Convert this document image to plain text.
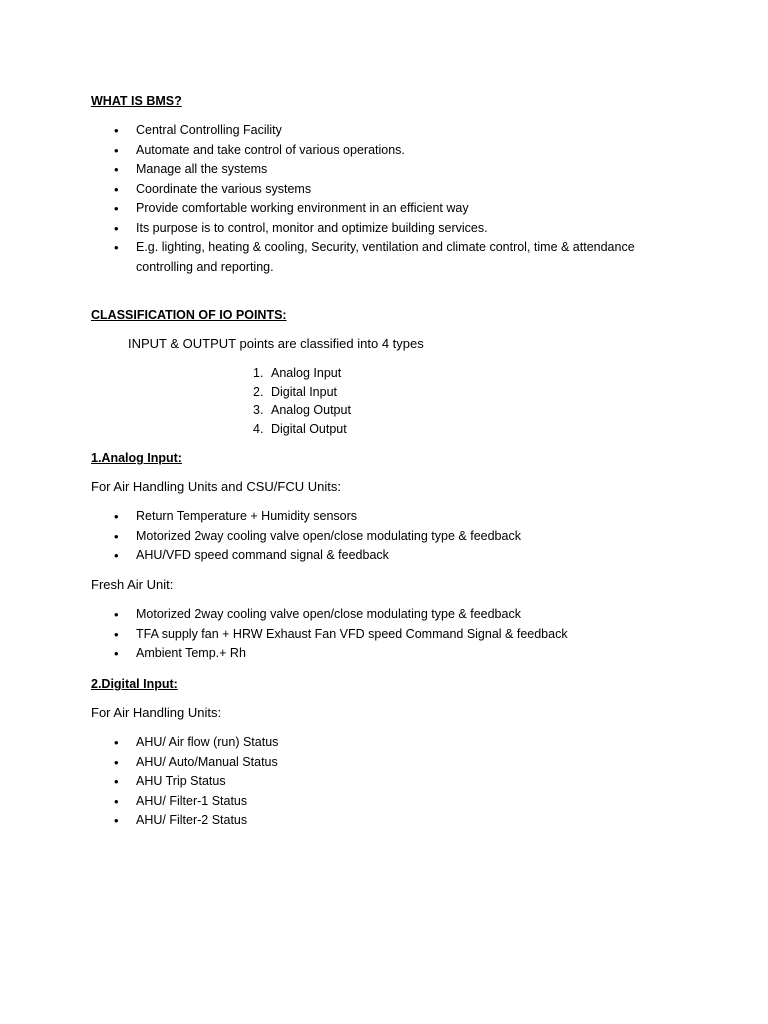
WHAT IS BMS?
• Central Controlling Facility
• Automate and take control of various operations.
• Manage all the systems
• Coordinate the various systems
• Provide comfortable working environment in an efficient way
• Its purpose is to control, monitor and optimize building services.
• E.g. lighting, heating & cooling, Security, ventilation and climate control, time & attendance controlling and reporting.
CLASSIFICATION OF IO POINTS:
INPUT & OUTPUT points are classified into 4 types
1. Analog Input
2. Digital Input
3. Analog Output
4. Digital Output
1.Analog Input:
For Air Handling Units and CSU/FCU Units:
• Return Temperature + Humidity sensors
• Motorized 2way cooling valve open/close modulating type & feedback
• AHU/VFD speed command signal & feedback
Fresh Air Unit:
• Motorized 2way cooling valve open/close modulating type & feedback
• TFA supply fan + HRW Exhaust Fan VFD speed Command Signal & feedback
• Ambient Temp.+ Rh
2.Digital Input:
For Air Handling Units:
• AHU/ Air flow (run) Status
• AHU/ Auto/Manual Status
• AHU Trip Status
• AHU/ Filter-1 Status
• AHU/ Filter-2 Status
